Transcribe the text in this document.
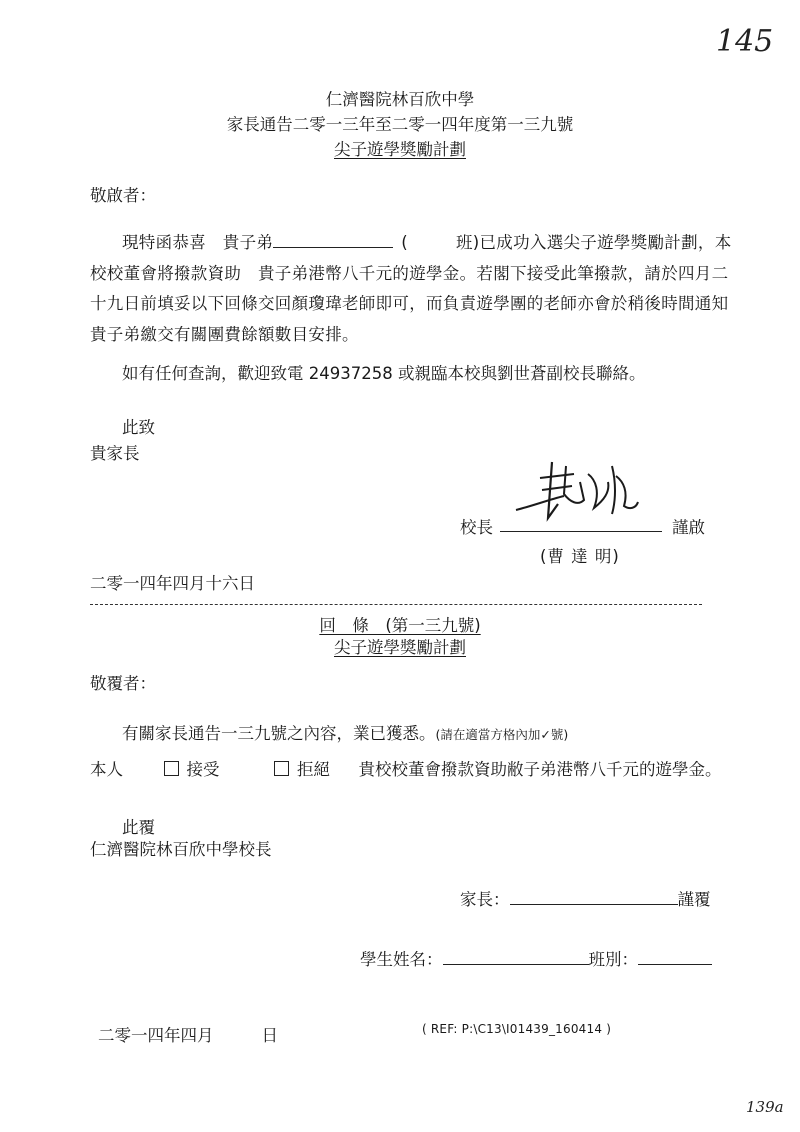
145
仁濟醫院林百欣中學
家長通告二零一三年至二零一四年度第一三九號
尖子遊學獎勵計劃
敬啟者：
現特函恭喜　貴子弟	(	班)已成功入選尖子遊學獎勵計劃，本
校校董會將撥款資助　貴子弟港幣八千元的遊學金。若閣下接受此筆撥款，請於四月二
十九日前填妥以下回條交回顏瓊瑋老師即可，而負責遊學團的老師亦會於稍後時間通知
貴子弟繳交有關團費餘額數目安排。
如有任何查詢，歡迎致電 24937258 或親臨本校與劉世蒼副校長聯絡。
此致
貴家長
校長	謹啟
(曹 達 明)
二零一四年四月十六日
回　條　(第一三九號)
尖子遊學獎勵計劃
敬覆者：
有關家長通告一三九號之內容，業已獲悉。(請在適當方格內加✓號)
本人	接受	拒絕 貴校校董會撥款資助敝子弟港幣八千元的遊學金。
此覆
仁濟醫院林百欣中學校長
家長：	謹覆
學生姓名：	班別：
二零一四年四月	日	( REF: P:\C13\I01439_160414 )
139a
